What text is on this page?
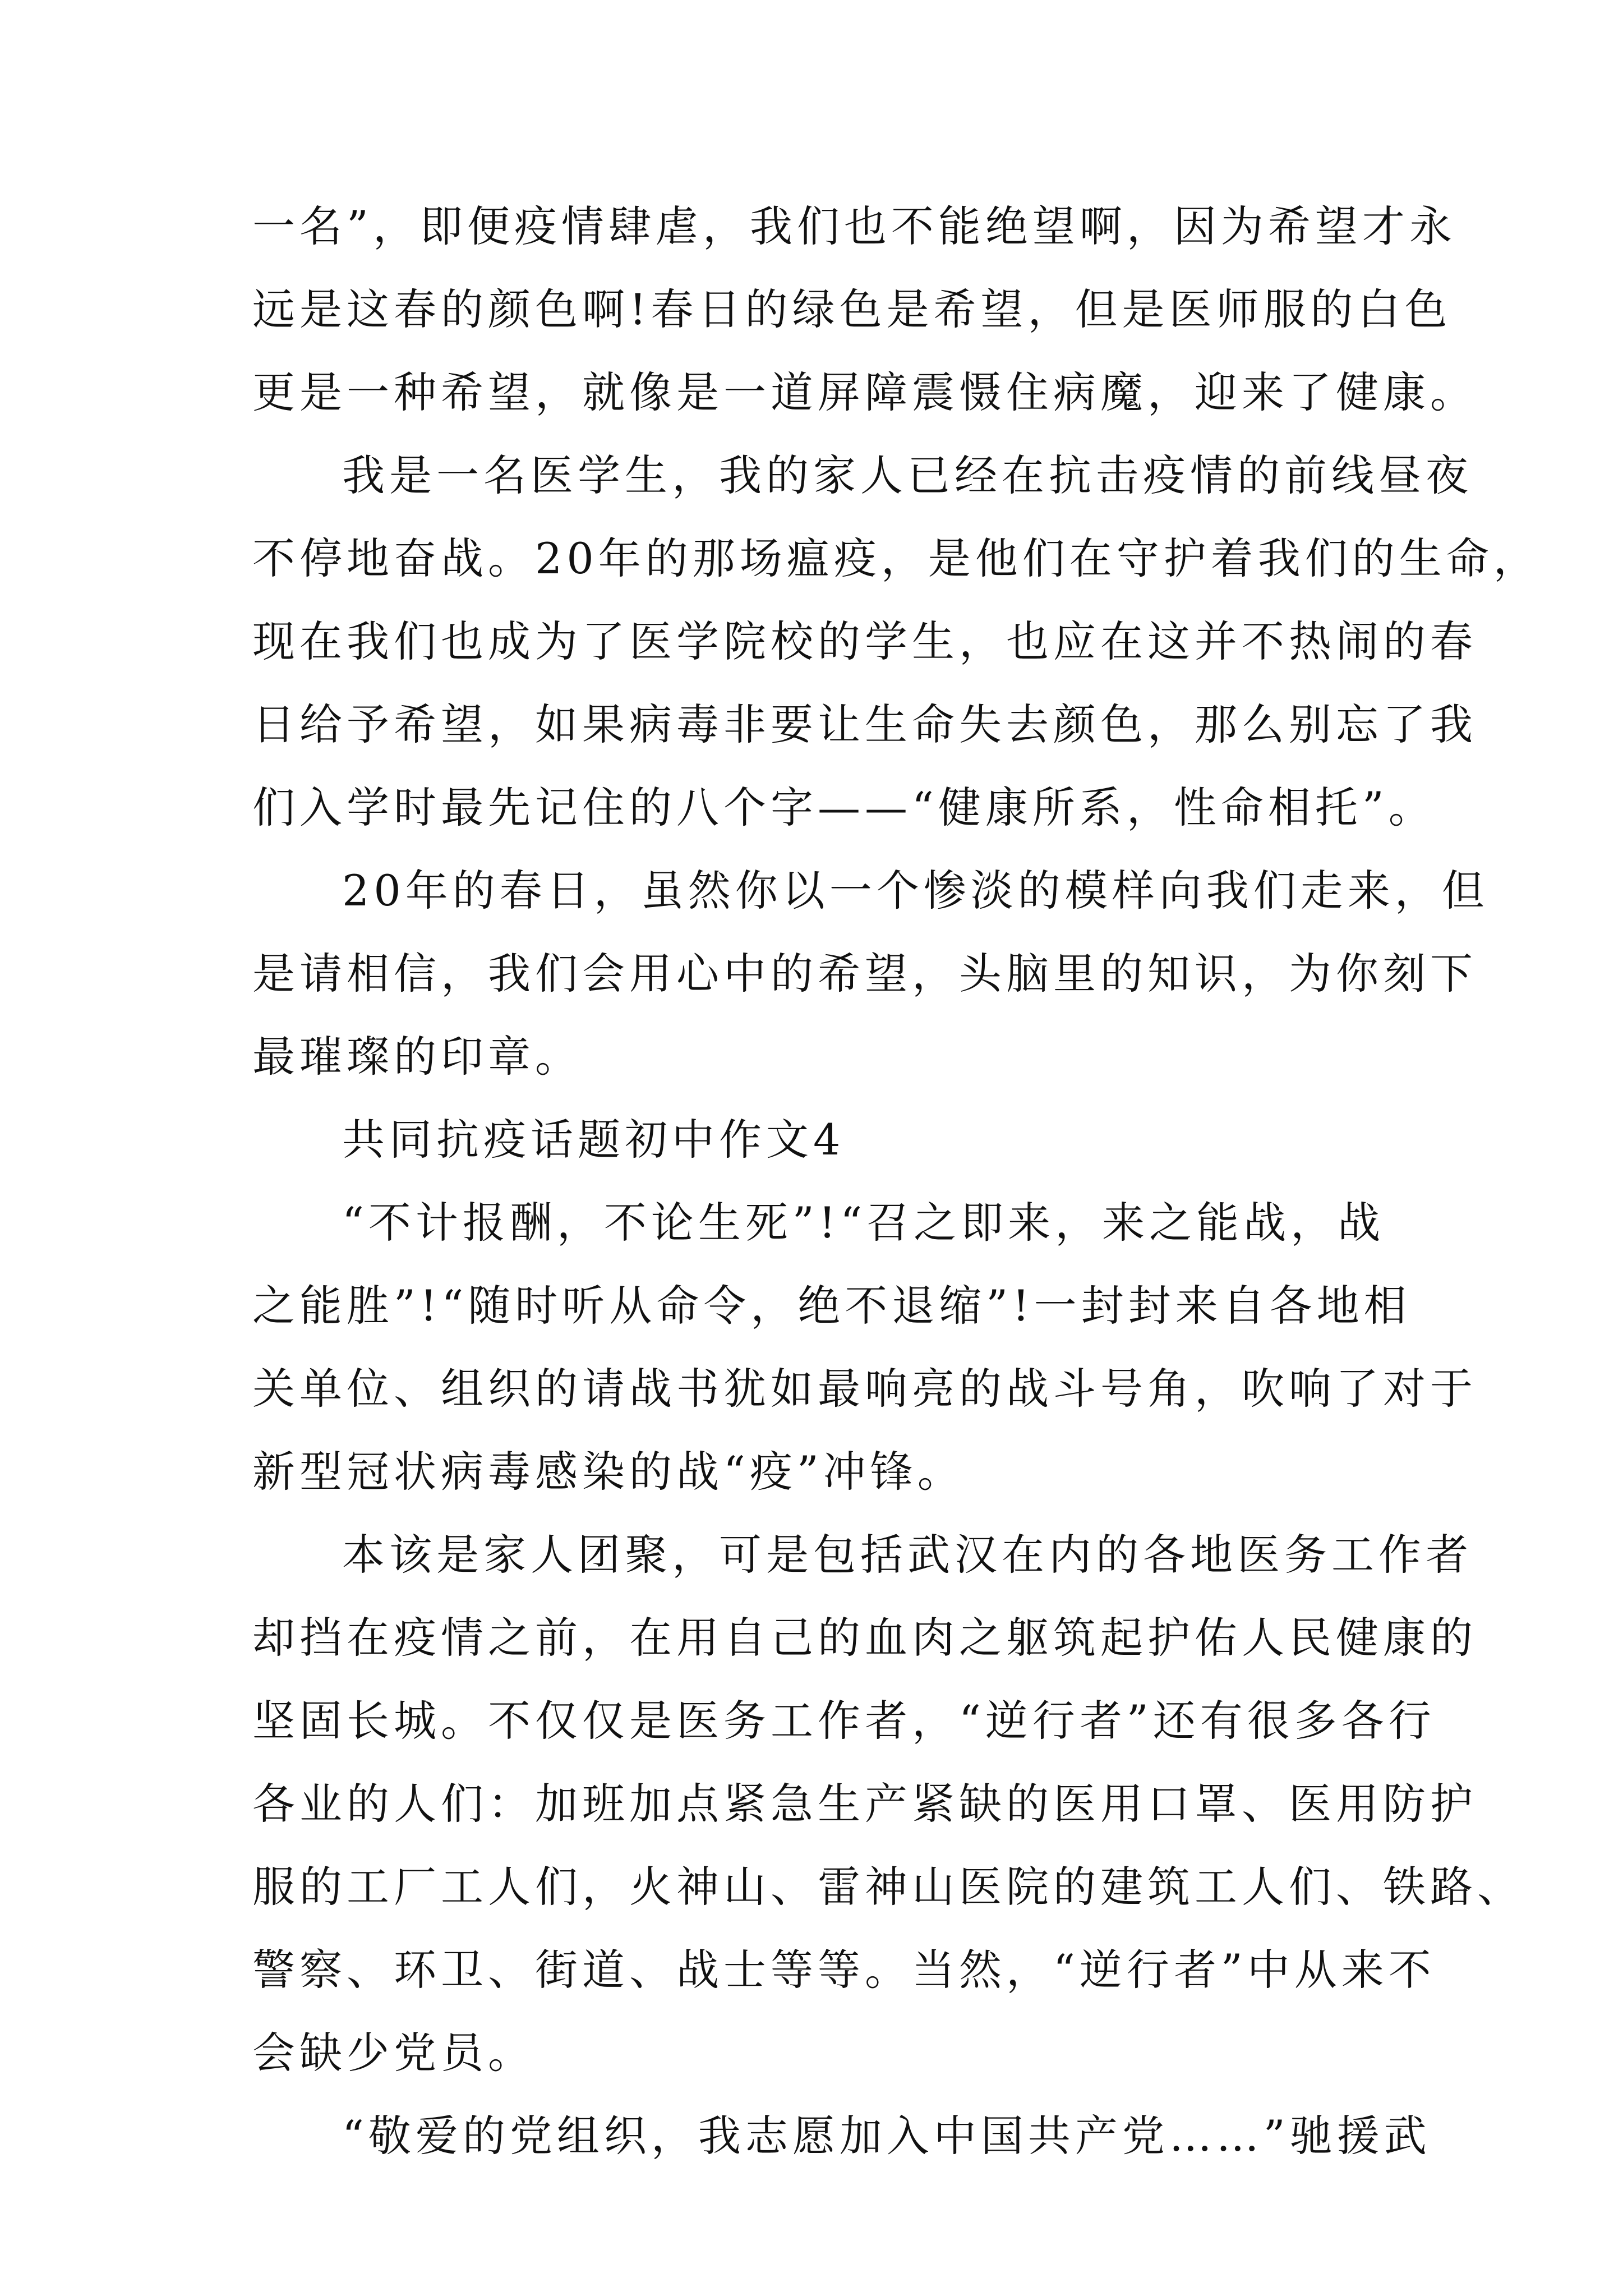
一名”，即便疫情肆虐，我们也不能绝望啊，因为希望才永
远是这春的颜色啊!春日的绿色是希望，但是医师服的白色
更是一种希望，就像是一道屏障震慑住病魔，迎来了健康。
我是一名医学生，我的家人已经在抗击疫情的前线昼夜
不停地奋战。20年的那场瘟疫，是他们在守护着我们的生命，
现在我们也成为了医学院校的学生，也应在这并不热闹的春
日给予希望，如果病毒非要让生命失去颜色，那么别忘了我
们入学时最先记住的八个字——“健康所系，性命相托”。
20年的春日，虽然你以一个惨淡的模样向我们走来，但
是请相信，我们会用心中的希望，头脑里的知识，为你刻下
最璀璨的印章。
共同抗疫话题初中作文4
“不计报酬，不论生死”!“召之即来，来之能战，战
之能胜”!“随时听从命令，绝不退缩”!一封封来自各地相
关单位、组织的请战书犹如最响亮的战斗号角，吹响了对于
新型冠状病毒感染的战“疫”冲锋。
本该是家人团聚，可是包括武汉在内的各地医务工作者
却挡在疫情之前，在用自己的血肉之躯筑起护佑人民健康的
坚固长城。不仅仅是医务工作者，“逆行者”还有很多各行
各业的人们：加班加点紧急生产紧缺的医用口罩、医用防护
服的工厂工人们，火神山、雷神山医院的建筑工人们、铁路、
警察、环卫、街道、战士等等。当然，“逆行者”中从来不
会缺少党员。
“敬爱的党组织，我志愿加入中国共产党……”驰援武
